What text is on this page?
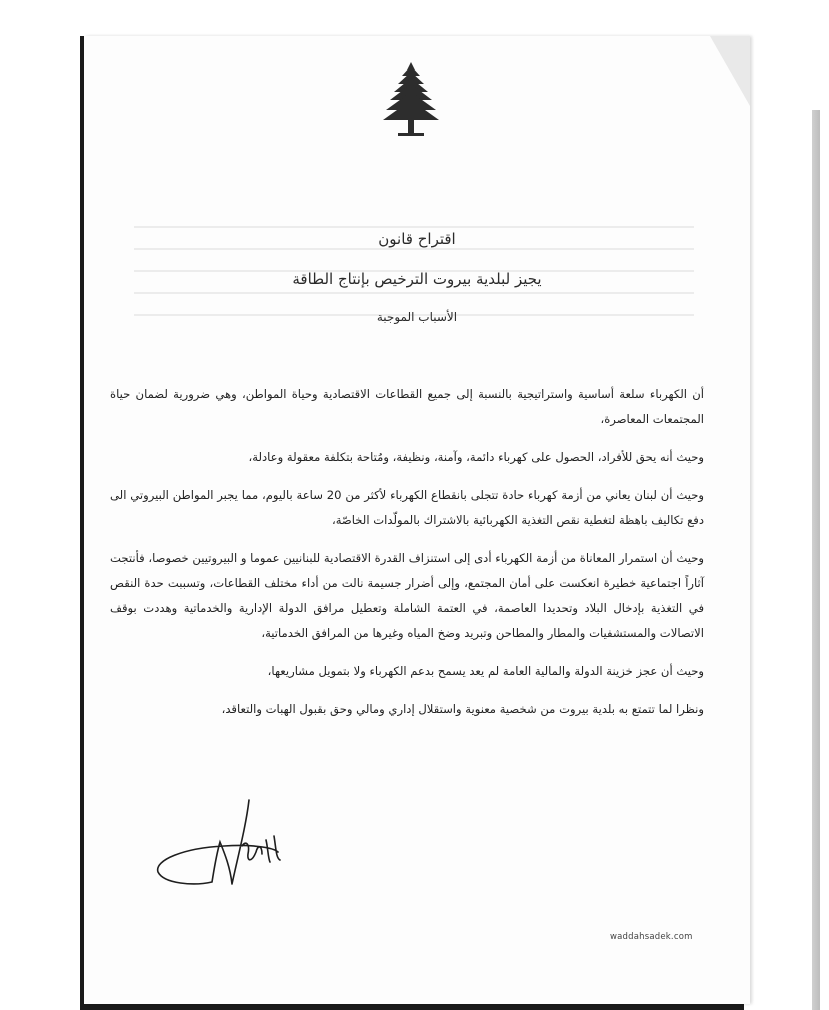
اقتراح قانون
يجيز لبلدية بيروت الترخيص بإنتاج الطاقة
الأسباب الموجبة

أن الكهرباء سلعة أساسية واستراتيجية بالنسبة إلى جميع القطاعات الاقتصادية وحياة المواطن، وهي ضرورية لضمان حياة المجتمعات المعاصرة،

وحيث أنه يحق للأفراد، الحصول على كهرباء دائمة، وآمنة، ونظيفة، ومُتاحة بتكلفة معقولة وعادلة،

وحيث أن لبنان يعاني من أزمة كهرباء حادة تتجلى بانقطاع الكهرباء لأكثر من 20 ساعة باليوم، مما يجبر المواطن البيروتي الى دفع تكاليف باهظة لتغطية نقص التغذية الكهربائية بالاشتراك بالمولّدات الخاصّة،

وحيث أن استمرار المعاناة من أزمة الكهرباء أدى إلى استنزاف القدرة الاقتصادية للبنانيين عموما و البيروتيين خصوصا، فأنتجت آثاراً اجتماعية خطيرة انعكست على أمان المجتمع، وإلى أضرار جسيمة نالت من أداء مختلف القطاعات، وتسببت حدة النقص في التغذية بإدخال البلاد وتحديدا العاصمة، في العتمة الشاملة وتعطيل مرافق الدولة الإدارية والخدماتية وهددت بوقف الاتصالات والمستشفيات والمطار والمطاحن وتبريد وضخ المياه وغيرها من المرافق الخدماتية،

وحيث أن عجز خزينة الدولة والمالية العامة لم يعد يسمح بدعم الكهرباء ولا بتمويل مشاريعها،

ونظرا لما تتمتع به بلدية بيروت من شخصية معنوية واستقلال إداري ومالي وحق بقبول الهبات والتعاقد،

waddahsadek.com
